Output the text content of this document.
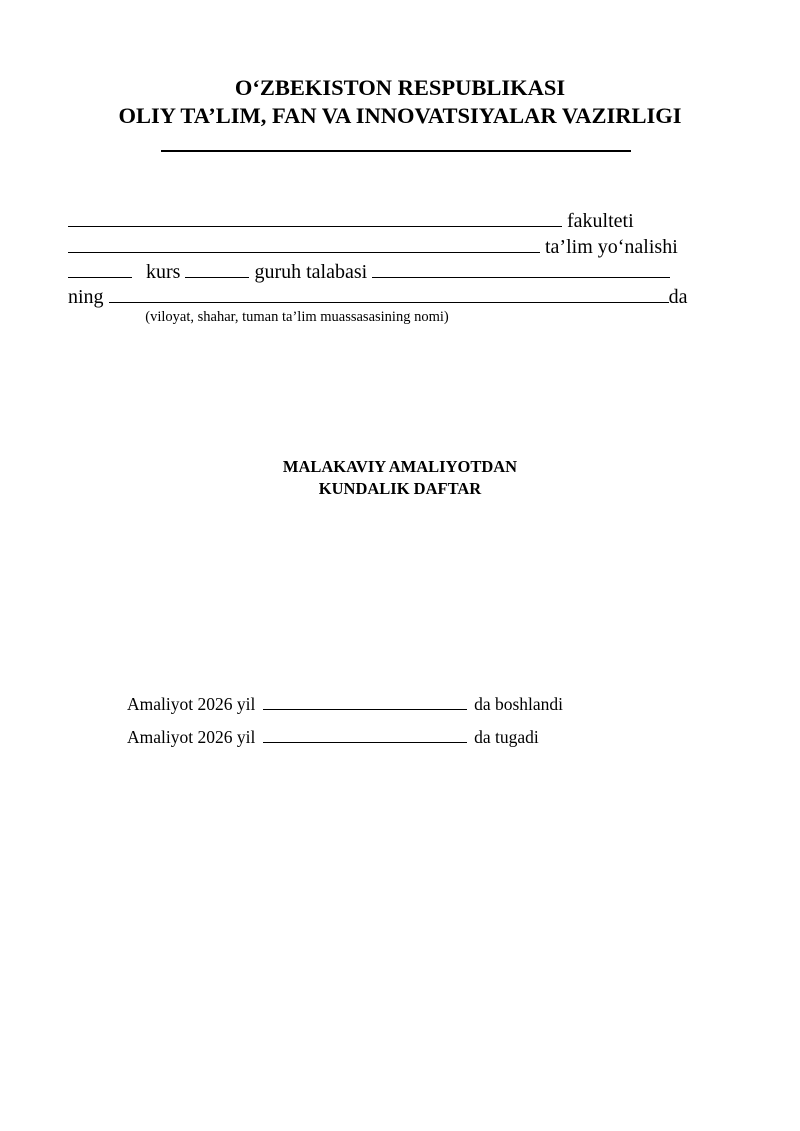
O‘ZBEKISTON RESPUBLIKASI
OLIY TA’LIM, FAN VA INNOVATSIYALAR VAZIRLIGI
fakulteti
ta’lim yo‘nalishi
kurs	guruh talabasi
ning	da
(viloyat, shahar, tuman ta’lim muassasasining nomi)
MALAKAVIY AMALIYOTDAN
KUNDALIK DAFTAR
Amaliyot 2026 yil	da boshlandi
Amaliyot 2026 yil	da tugadi
